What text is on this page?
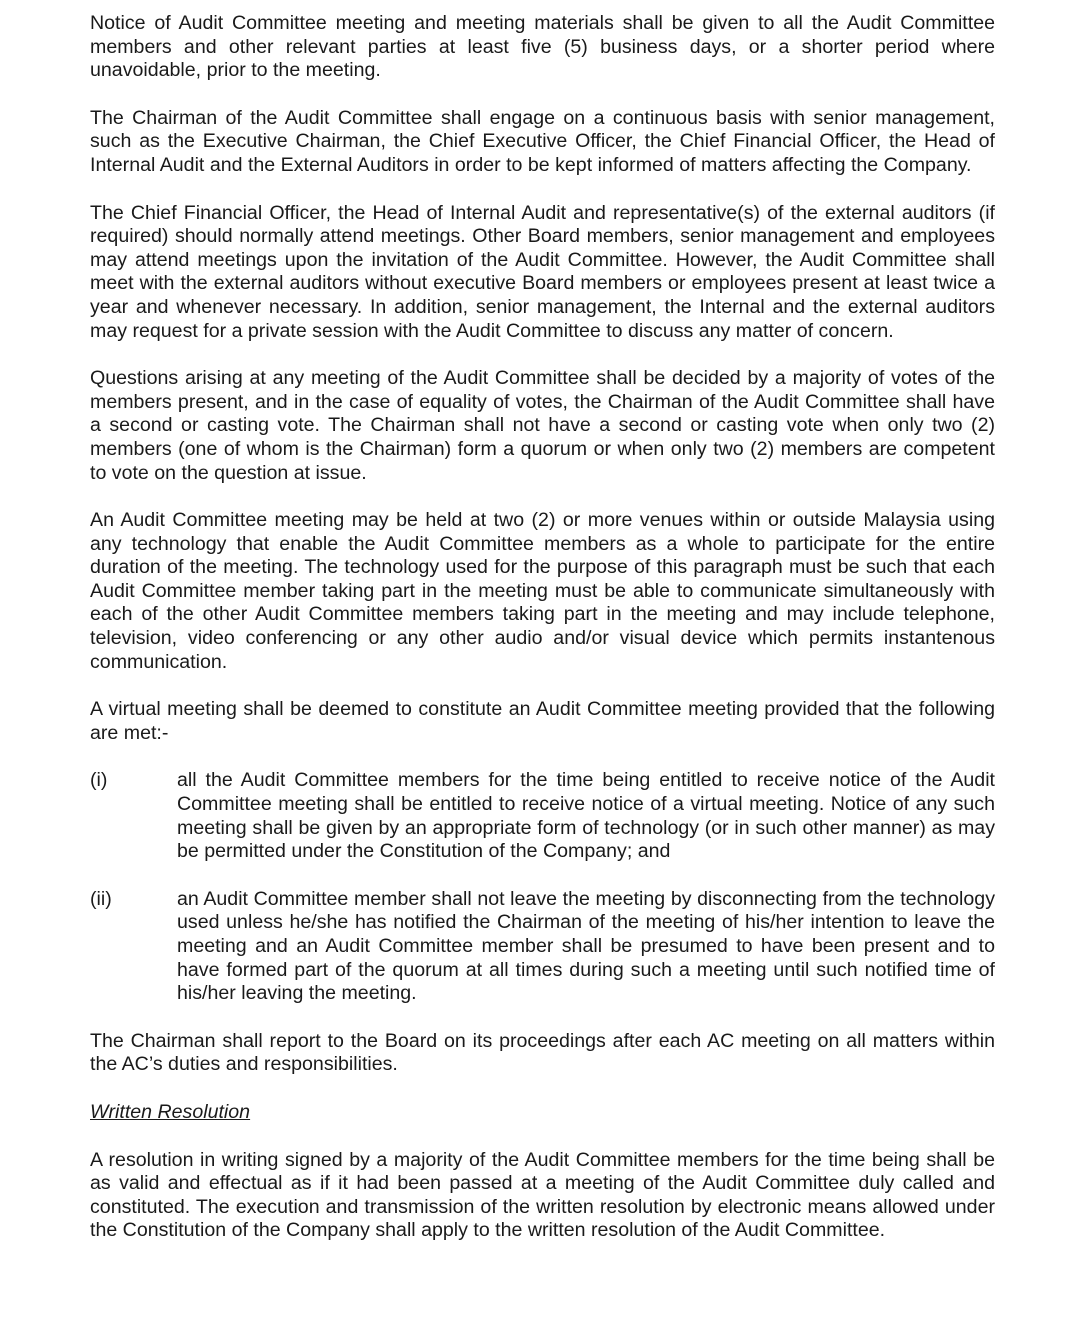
Notice of Audit Committee meeting and meeting materials shall be given to all the Audit Committee members and other relevant parties at least five (5) business days, or a shorter period where unavoidable, prior to the meeting.

The Chairman of the Audit Committee shall engage on a continuous basis with senior management, such as the Executive Chairman, the Chief Executive Officer, the Chief Financial Officer, the Head of Internal Audit and the External Auditors in order to be kept informed of matters affecting the Company.

The Chief Financial Officer, the Head of Internal Audit and representative(s) of the external auditors (if required) should normally attend meetings. Other Board members, senior management and employees may attend meetings upon the invitation of the Audit Committee. However, the Audit Committee shall meet with the external auditors without executive Board members or employees present at least twice a year and whenever necessary. In addition, senior management, the Internal and the external auditors may request for a private session with the Audit Committee to discuss any matter of concern.

Questions arising at any meeting of the Audit Committee shall be decided by a majority of votes of the members present, and in the case of equality of votes, the Chairman of the Audit Committee shall have a second or casting vote. The Chairman shall not have a second or casting vote when only two (2) members (one of whom is the Chairman) form a quorum or when only two (2) members are competent to vote on the question at issue.

An Audit Committee meeting may be held at two (2) or more venues within or outside Malaysia using any technology that enable the Audit Committee members as a whole to participate for the entire duration of the meeting. The technology used for the purpose of this paragraph must be such that each Audit Committee member taking part in the meeting must be able to communicate simultaneously with each of the other Audit Committee members taking part in the meeting and may include telephone, television, video conferencing or any other audio and/or visual device which permits instantenous communication.

A virtual meeting shall be deemed to constitute an Audit Committee meeting provided that the following are met:-

(i)	all the Audit Committee members for the time being entitled to receive notice of the Audit Committee meeting shall be entitled to receive notice of a virtual meeting. Notice of any such meeting shall be given by an appropriate form of technology (or in such other manner) as may be permitted under the Constitution of the Company; and
(ii)	an Audit Committee member shall not leave the meeting by disconnecting from the technology used unless he/she has notified the Chairman of the meeting of his/her intention to leave the meeting and an Audit Committee member shall be presumed to have been present and to have formed part of the quorum at all times during such a meeting until such notified time of his/her leaving the meeting.

The Chairman shall report to the Board on its proceedings after each AC meeting on all matters within the AC’s duties and responsibilities.

Written Resolution

A resolution in writing signed by a majority of the Audit Committee members for the time being shall be as valid and effectual as if it had been passed at a meeting of the Audit Committee duly called and constituted. The execution and transmission of the written resolution by electronic means allowed under the Constitution of the Company shall apply to the written resolution of the Audit Committee.
